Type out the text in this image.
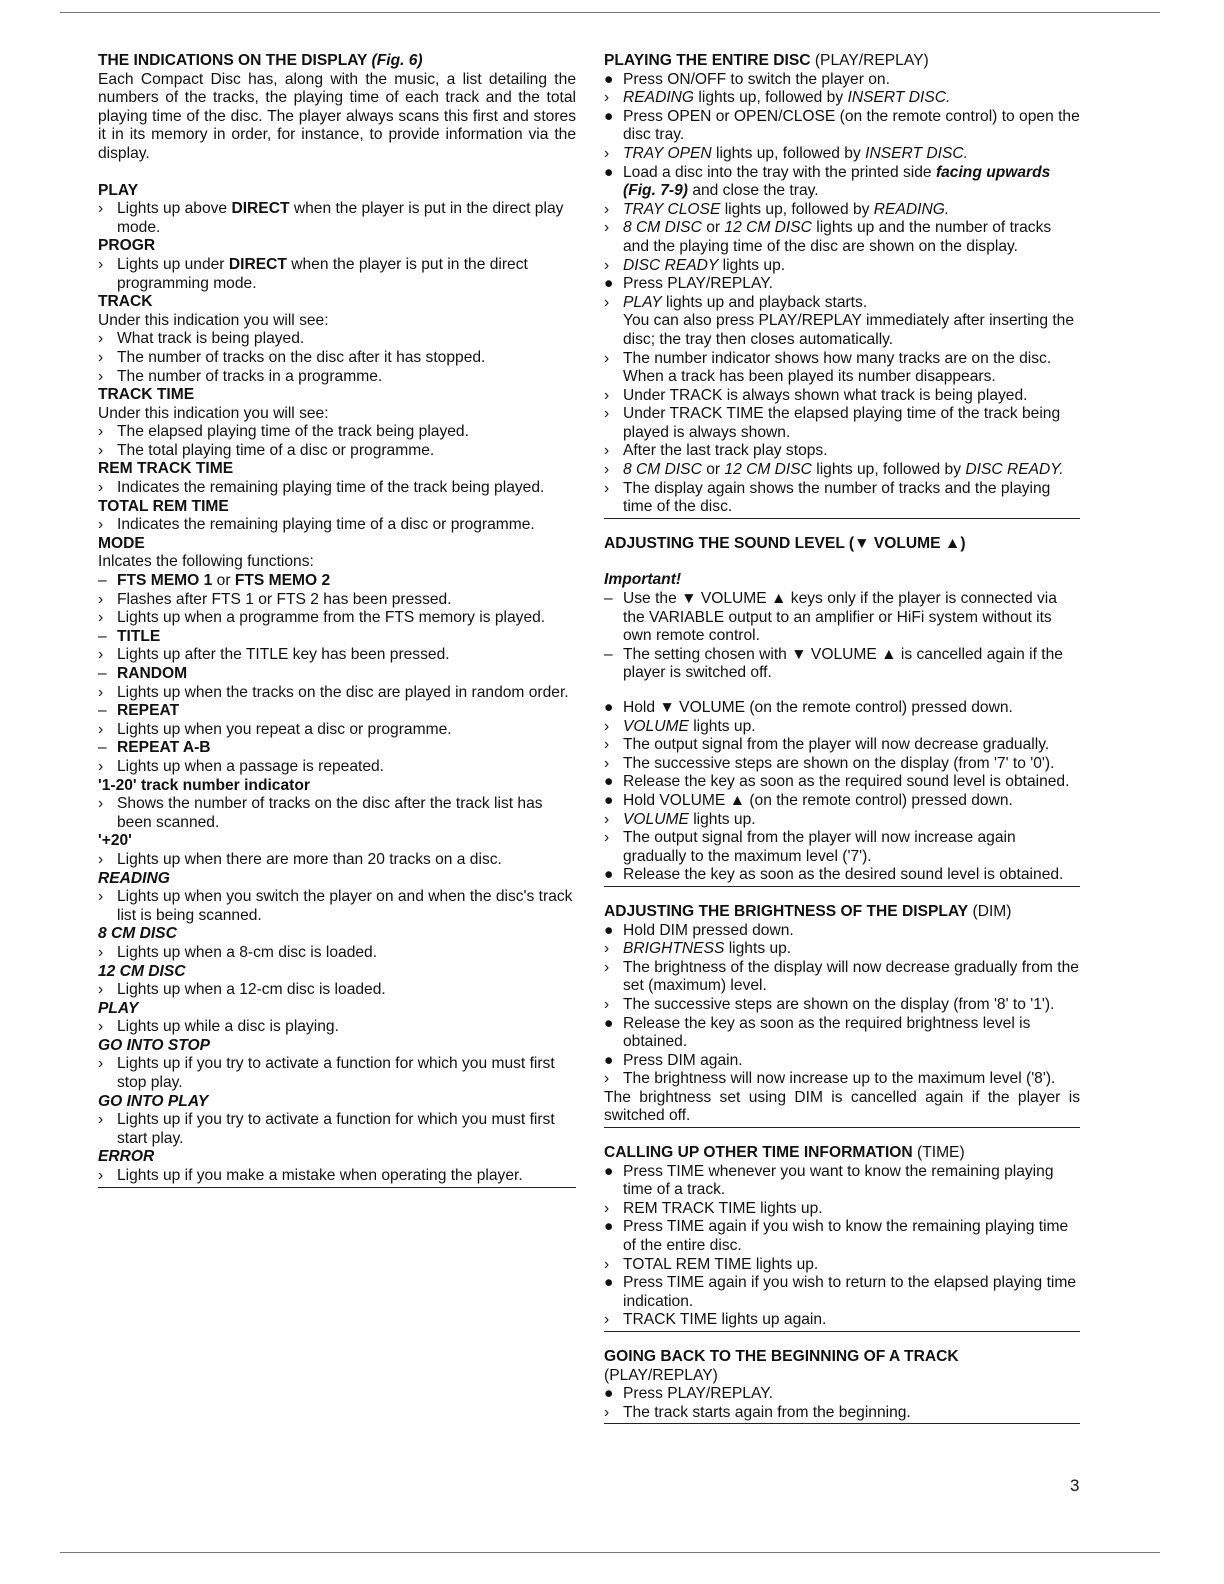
THE INDICATIONS ON THE DISPLAY (Fig. 6)

Each Compact Disc has, along with the music, a list detailing the numbers of the tracks, the playing time of each track and the total playing time of the disc. The player always scans this first and stores it in its memory in order, for instance, to provide information via the display.

PLAY

› Lights up above DIRECT when the player is put in the direct play mode.

PROGR

› Lights up under DIRECT when the player is put in the direct programming mode.

TRACK

Under this indication you will see:

› What track is being played.

› The number of tracks on the disc after it has stopped.

› The number of tracks in a programme.

TRACK TIME

Under this indication you will see:

› The elapsed playing time of the track being played.

› The total playing time of a disc or programme.

REM TRACK TIME

› Indicates the remaining playing time of the track being played.

TOTAL REM TIME

› Indicates the remaining playing time of a disc or programme.

MODE

Inlcates the following functions:

– FTS MEMO 1 or FTS MEMO 2

› Flashes after FTS 1 or FTS 2 has been pressed.

› Lights up when a programme from the FTS memory is played.

– TITLE

› Lights up after the TITLE key has been pressed.

– RANDOM

› Lights up when the tracks on the disc are played in random order.

– REPEAT

› Lights up when you repeat a disc or programme.

– REPEAT A-B

› Lights up when a passage is repeated.

'1-20' track number indicator

› Shows the number of tracks on the disc after the track list has been scanned.

'+20'

› Lights up when there are more than 20 tracks on a disc.

READING

› Lights up when you switch the player on and when the disc's track list is being scanned.

8 CM DISC

› Lights up when a 8-cm disc is loaded.

12 CM DISC

› Lights up when a 12-cm disc is loaded.

PLAY

› Lights up while a disc is playing.

GO INTO STOP

› Lights up if you try to activate a function for which you must first stop play.

GO INTO PLAY

› Lights up if you try to activate a function for which you must first start play.

ERROR

› Lights up if you make a mistake when operating the player.

PLAYING THE ENTIRE DISC (PLAY/REPLAY)

● Press ON/OFF to switch the player on.

› READING lights up, followed by INSERT DISC.

● Press OPEN or OPEN/CLOSE (on the remote control) to open the disc tray.

› TRAY OPEN lights up, followed by INSERT DISC.

● Load a disc into the tray with the printed side facing upwards (Fig. 7-9) and close the tray.

› TRAY CLOSE lights up, followed by READING.

› 8 CM DISC or 12 CM DISC lights up and the number of tracks and the playing time of the disc are shown on the display.

› DISC READY lights up.

● Press PLAY/REPLAY.

› PLAY lights up and playback starts.

You can also press PLAY/REPLAY immediately after inserting the disc; the tray then closes automatically.

› The number indicator shows how many tracks are on the disc. When a track has been played its number disappears.

› Under TRACK is always shown what track is being played.

› Under TRACK TIME the elapsed playing time of the track being played is always shown.

› After the last track play stops.

› 8 CM DISC or 12 CM DISC lights up, followed by DISC READY.

› The display again shows the number of tracks and the playing time of the disc.

ADJUSTING THE SOUND LEVEL (▼ VOLUME ▲)

Important!

– Use the ▼ VOLUME ▲ keys only if the player is connected via the VARIABLE output to an amplifier or HiFi system without its own remote control.

– The setting chosen with ▼ VOLUME ▲ is cancelled again if the player is switched off.

● Hold ▼ VOLUME (on the remote control) pressed down.

› VOLUME lights up.

› The output signal from the player will now decrease gradually.

› The successive steps are shown on the display (from '7' to '0').

● Release the key as soon as the required sound level is obtained.

● Hold VOLUME ▲ (on the remote control) pressed down.

› VOLUME lights up.

› The output signal from the player will now increase again gradually to the maximum level ('7').

● Release the key as soon as the desired sound level is obtained.

ADJUSTING THE BRIGHTNESS OF THE DISPLAY (DIM)

● Hold DIM pressed down.

› BRIGHTNESS lights up.

› The brightness of the display will now decrease gradually from the set (maximum) level.

› The successive steps are shown on the display (from '8' to '1').

● Release the key as soon as the required brightness level is obtained.

● Press DIM again.

› The brightness will now increase up to the maximum level ('8').

The brightness set using DIM is cancelled again if the player is switched off.

CALLING UP OTHER TIME INFORMATION (TIME)

● Press TIME whenever you want to know the remaining playing time of a track.

› REM TRACK TIME lights up.

● Press TIME again if you wish to know the remaining playing time of the entire disc.

› TOTAL REM TIME lights up.

● Press TIME again if you wish to return to the elapsed playing time indication.

› TRACK TIME lights up again.

GOING BACK TO THE BEGINNING OF A TRACK

(PLAY/REPLAY)

● Press PLAY/REPLAY.

› The track starts again from the beginning.

3
